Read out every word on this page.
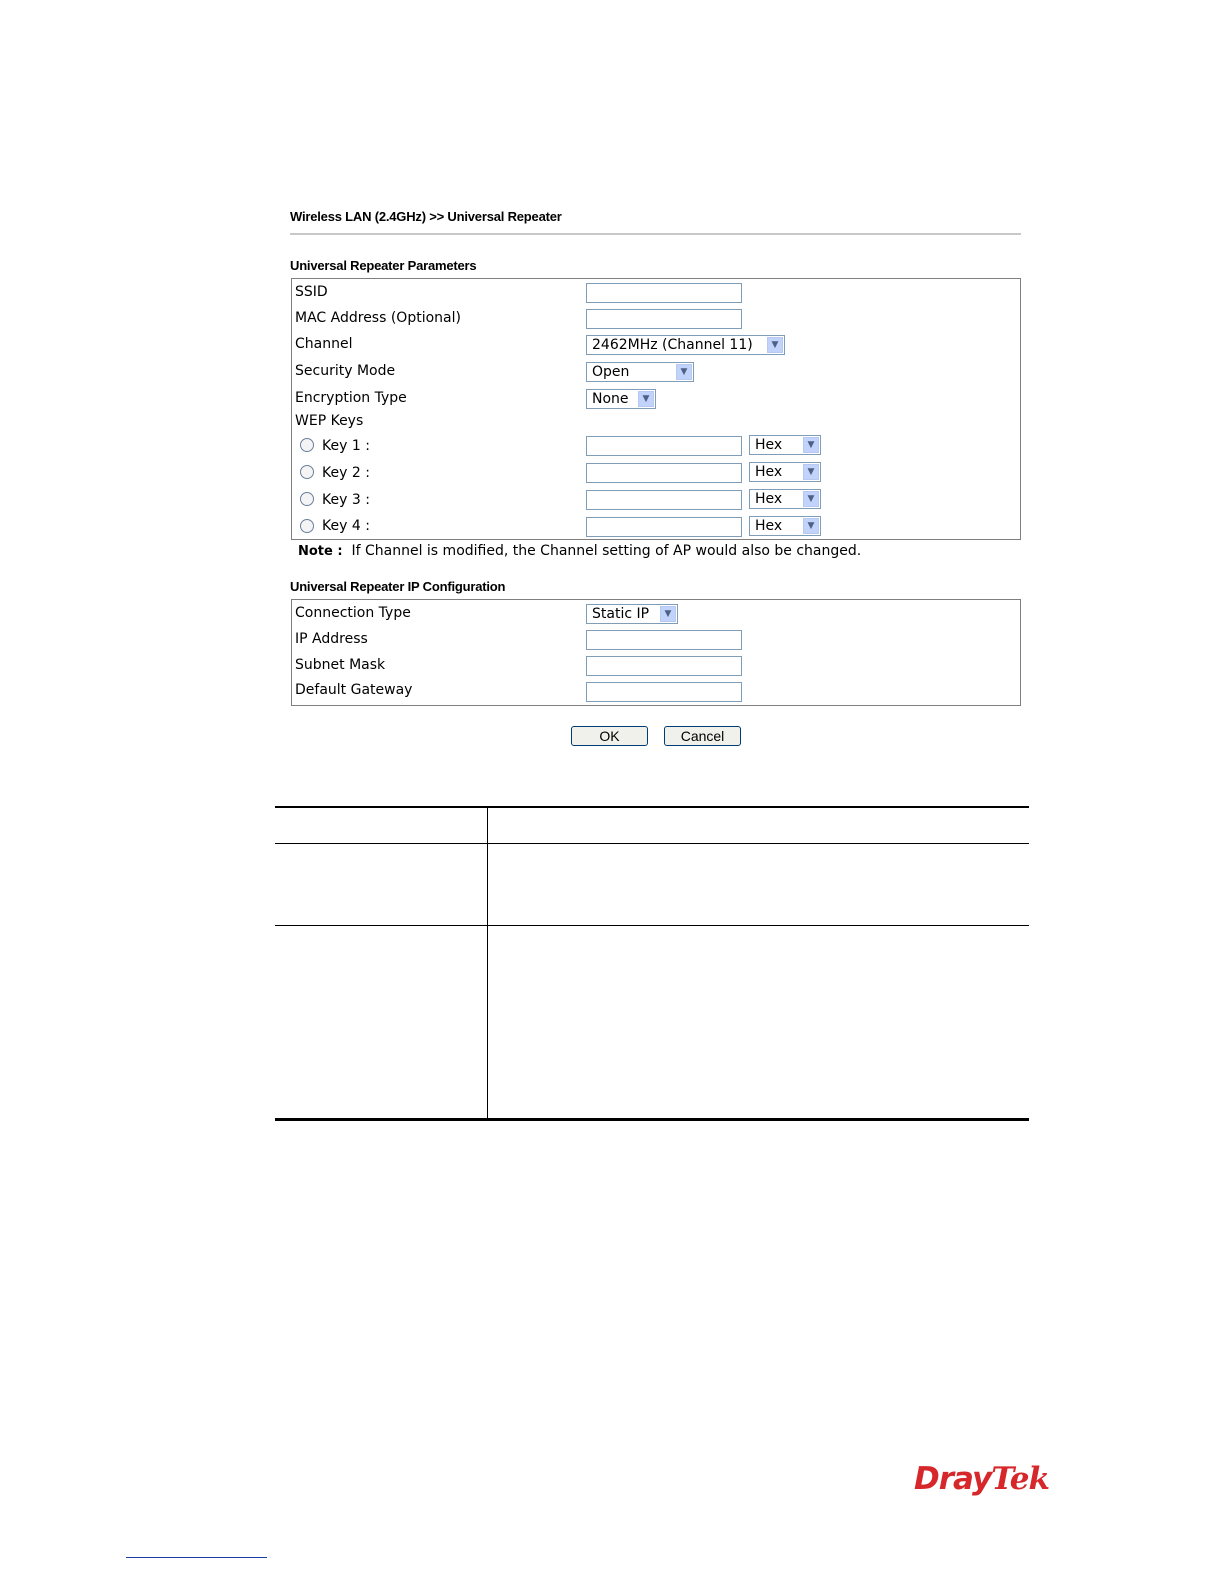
Wireless LAN (2.4GHz) >> Universal Repeater
Universal Repeater Parameters
SSID
MAC Address (Optional)
Channel	2462MHz (Channel 11)	▼
Security Mode	Open	▼
Encryption Type	None	▼
WEP Keys
Key 1 :	Hex	▼
Key 2 :	Hex	▼
Key 3 :	Hex	▼
Key 4 :	Hex	▼
Note : If Channel is modified, the Channel setting of AP would also be changed.
Universal Repeater IP Configuration
Connection Type	Static IP	▼
IP Address
Subnet Mask
Default Gateway
OK	Cancel
DrayTek
